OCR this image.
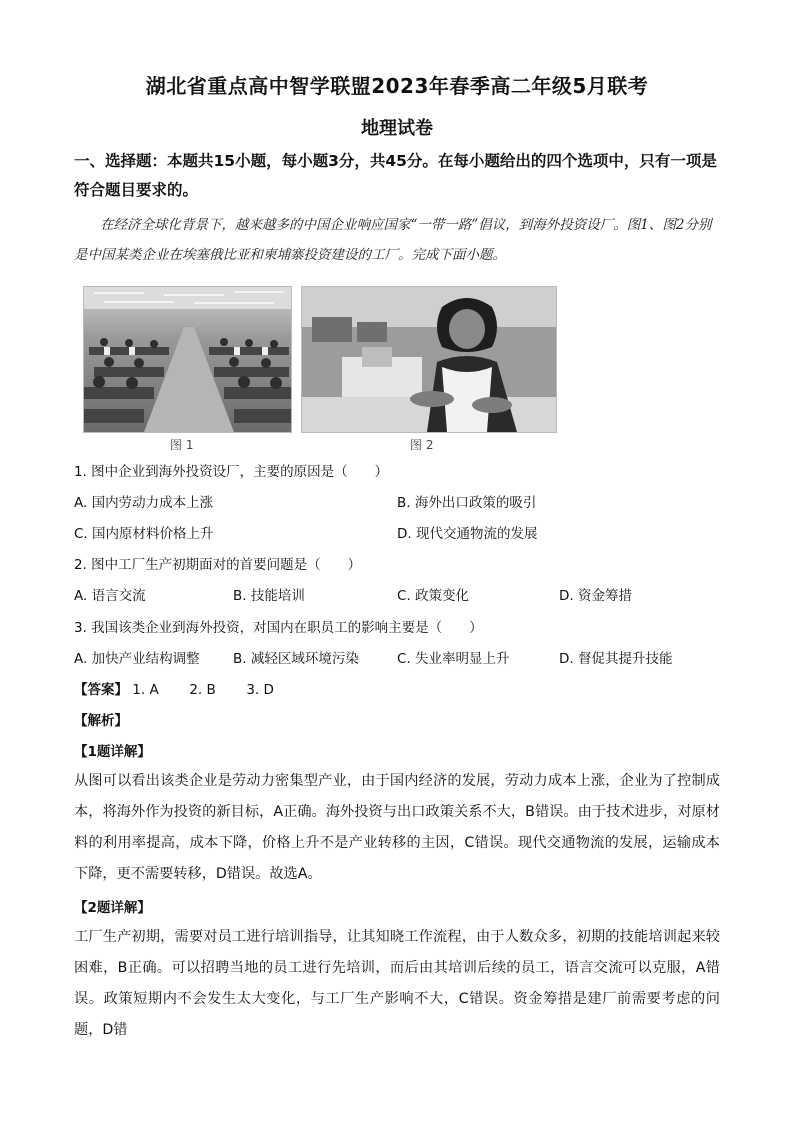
湖北省重点高中智学联盟2023年春季高二年级5月联考
地理试卷
一、选择题：本题共15小题，每小题3分，共45分。在每小题给出的四个选项中，只有一项是符合题目要求的。
在经济全球化背景下，越来越多的中国企业响应国家“一带一路”倡议，到海外投资设厂。图1、图2分别是中国某类企业在埃塞俄比亚和柬埔寨投资建设的工厂。完成下面小题。
图 1	图 2
1. 图中企业到海外投资设厂，主要的原因是（　　）
A. 国内劳动力成本上涨	B. 海外出口政策的吸引
C. 国内原材料价格上升	D. 现代交通物流的发展
2. 图中工厂生产初期面对的首要问题是（　　）
A. 语言交流	B. 技能培训	C. 政策变化	D. 资金筹措
3. 我国该类企业到海外投资，对国内在职员工的影响主要是（　　）
A. 加快产业结构调整 B. 减轻区域环境污染	C. 失业率明显上升	D. 督促其提升技能
【答案】 1. A 2. B 3. D
【解析】
【1题详解】
从图可以看出该类企业是劳动力密集型产业，由于国内经济的发展，劳动力成本上涨，企业为了控制成本，将海外作为投资的新目标，A正确。海外投资与出口政策关系不大，B错误。由于技术进步，对原材料的利用率提高，成本下降，价格上升不是产业转移的主因，C错误。现代交通物流的发展，运输成本下降，更不需要转移，D错误。故选A。
【2题详解】
工厂生产初期，需要对员工进行培训指导，让其知晓工作流程，由于人数众多，初期的技能培训起来较困难，B正确。可以招聘当地的员工进行先培训，而后由其培训后续的员工，语言交流可以克服，A错误。政策短期内不会发生太大变化，与工厂生产影响不大，C错误。资金筹措是建厂前需要考虑的问题，D错
